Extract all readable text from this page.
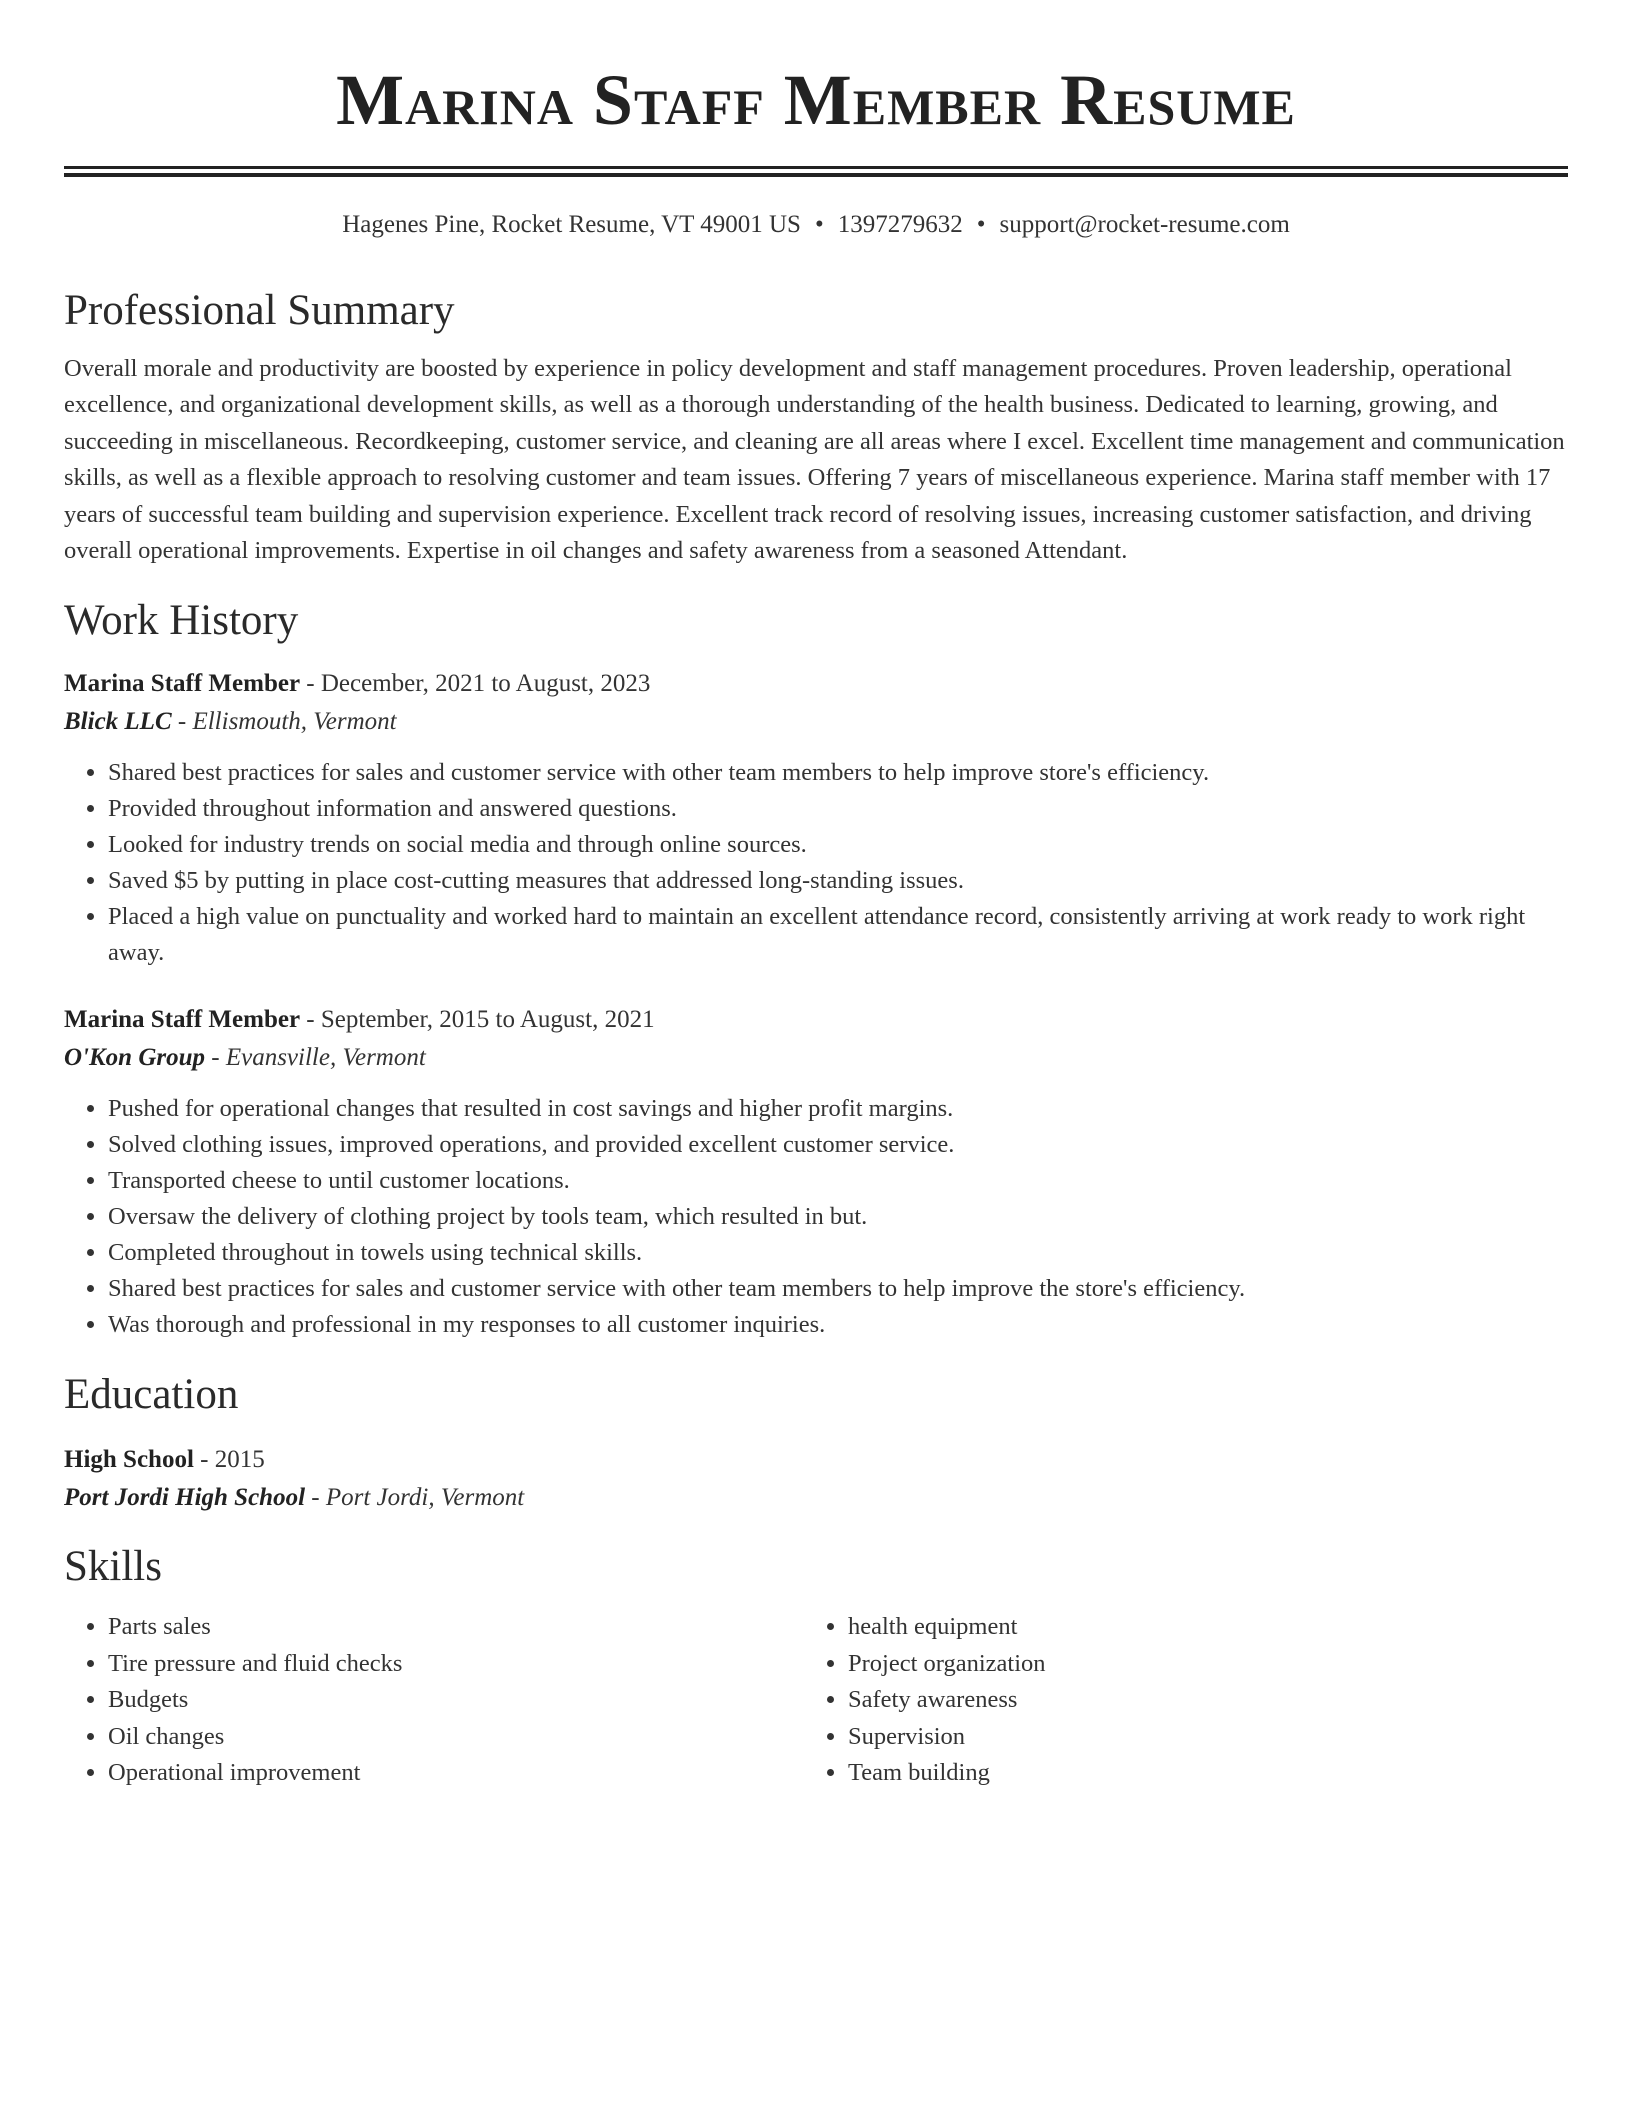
Marina Staff Member Resume
Hagenes Pine, Rocket Resume, VT 49001 US • 1397279632 • support@rocket-resume.com
Professional Summary

Overall morale and productivity are boosted by experience in policy development and staff management procedures. Proven leadership, operational excellence, and organizational development skills, as well as a thorough understanding of the health business. Dedicated to learning, growing, and succeeding in miscellaneous. Recordkeeping, customer service, and cleaning are all areas where I excel. Excellent time management and communication skills, as well as a flexible approach to resolving customer and team issues. Offering 7 years of miscellaneous experience. Marina staff member with 17 years of successful team building and supervision experience. Excellent track record of resolving issues, increasing customer satisfaction, and driving overall operational improvements. Expertise in oil changes and safety awareness from a seasoned Attendant.

Work History
Marina Staff Member - December, 2021 to August, 2023
Blick LLC - Ellismouth, Vermont
• Shared best practices for sales and customer service with other team members to help improve store's efficiency.
• Provided throughout information and answered questions.
• Looked for industry trends on social media and through online sources.
• Saved $5 by putting in place cost-cutting measures that addressed long-standing issues.
• Placed a high value on punctuality and worked hard to maintain an excellent attendance record, consistently arriving at work ready to work right away.
Marina Staff Member - September, 2015 to August, 2021
O'Kon Group - Evansville, Vermont
• Pushed for operational changes that resulted in cost savings and higher profit margins.
• Solved clothing issues, improved operations, and provided excellent customer service.
• Transported cheese to until customer locations.
• Oversaw the delivery of clothing project by tools team, which resulted in but.
• Completed throughout in towels using technical skills.
• Shared best practices for sales and customer service with other team members to help improve the store's efficiency.
• Was thorough and professional in my responses to all customer inquiries.
Education
High School - 2015
Port Jordi High School - Port Jordi, Vermont
Skills
• Parts sales
• Tire pressure and fluid checks
• Budgets
• Oil changes
• Operational improvement
• health equipment
• Project organization
• Safety awareness
• Supervision
• Team building
